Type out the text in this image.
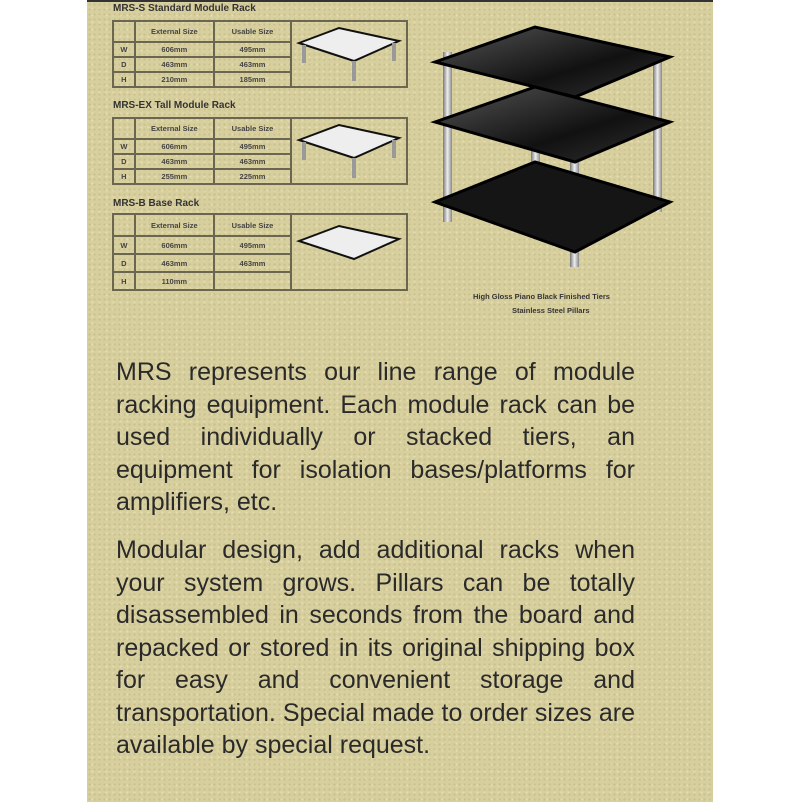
MRS-S Standard Module Rack
	External Size	Usable Size	
W	606mm	495mm	
D	463mm	463mm	
H	210mm	185mm	
MRS-EX Tall Module Rack
	External Size	Usable Size	
W	606mm	495mm	
D	463mm	463mm	
H	255mm	225mm	
MRS-B Base Rack
	External Size	Usable Size	
W	606mm	495mm	
D	463mm	463mm	
H	110mm		
High Gloss Piano Black Finished Tiers
Stainless Steel Pillars

MRS represents our line range of module racking equipment. Each module rack can be used individually or stacked tiers, an equipment for isolation bases/platforms for amplifiers, etc.

Modular design, add additional racks when your system grows. Pillars can be totally disassembled in seconds from the board and repacked or stored in its original shipping box for easy and convenient storage and transportation. Special made to order sizes are available by special request.
